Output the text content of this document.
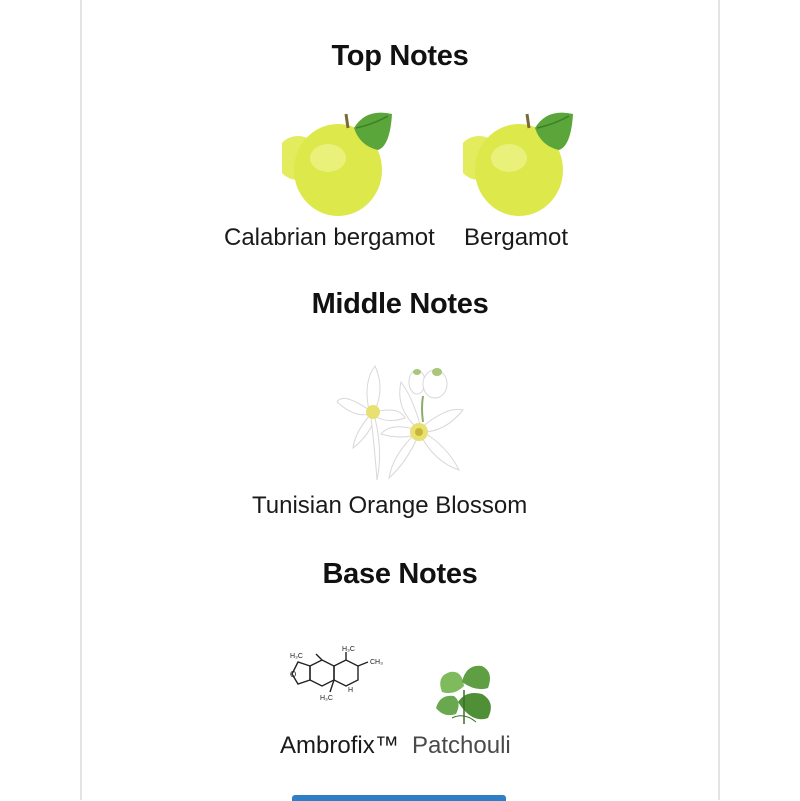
Top Notes
Calabrian bergamot Bergamot
Middle Notes
Tunisian Orange Blossom
Base Notes
H₃C
H₃C
CH₃
O
H₃C
H
Ambrofix™ Patchouli
